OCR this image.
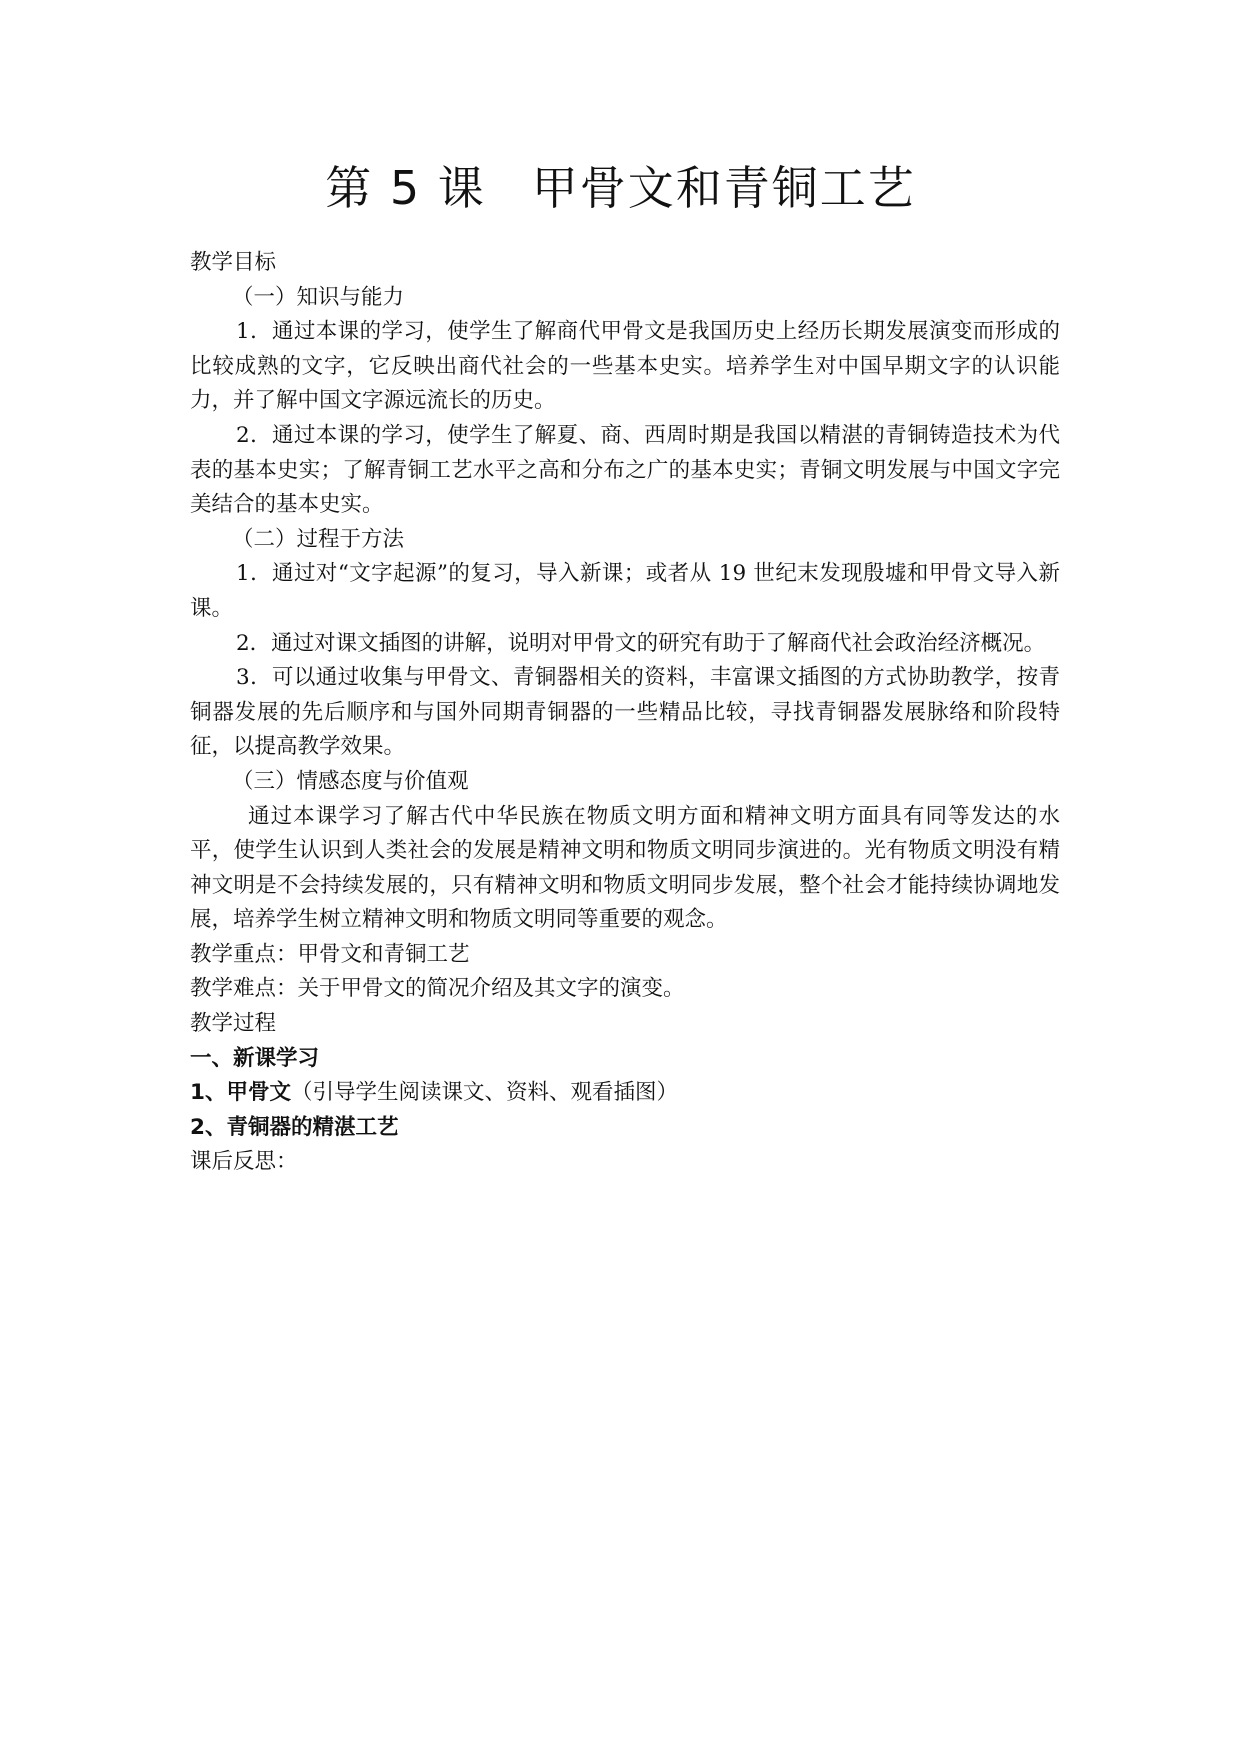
第 5 课 甲骨文和青铜工艺
教学目标
（一）知识与能力

1．通过本课的学习，使学生了解商代甲骨文是我国历史上经历长期发展演变而形成的比较成熟的文字，它反映出商代社会的一些基本史实。培养学生对中国早期文字的认识能力，并了解中国文字源远流长的历史。

2．通过本课的学习，使学生了解夏、商、西周时期是我国以精湛的青铜铸造技术为代表的基本史实；了解青铜工艺水平之高和分布之广的基本史实；青铜文明发展与中国文字完美结合的基本史实。

（二）过程于方法

1．通过对“文字起源”的复习，导入新课；或者从 19 世纪末发现殷墟和甲骨文导入新课。

2．通过对课文插图的讲解，说明对甲骨文的研究有助于了解商代社会政治经济概况。

3．可以通过收集与甲骨文、青铜器相关的资料，丰富课文插图的方式协助教学，按青铜器发展的先后顺序和与国外同期青铜器的一些精品比较，寻找青铜器发展脉络和阶段特征，以提高教学效果。

（三）情感态度与价值观

通过本课学习了解古代中华民族在物质文明方面和精神文明方面具有同等发达的水平，使学生认识到人类社会的发展是精神文明和物质文明同步演进的。光有物质文明没有精神文明是不会持续发展的，只有精神文明和物质文明同步发展，整个社会才能持续协调地发展，培养学生树立精神文明和物质文明同等重要的观念。

教学重点：甲骨文和青铜工艺
教学难点：关于甲骨文的简况介绍及其文字的演变。
教学过程
一、新课学习
1、甲骨文（引导学生阅读课文、资料、观看插图）
2、青铜器的精湛工艺
课后反思：
